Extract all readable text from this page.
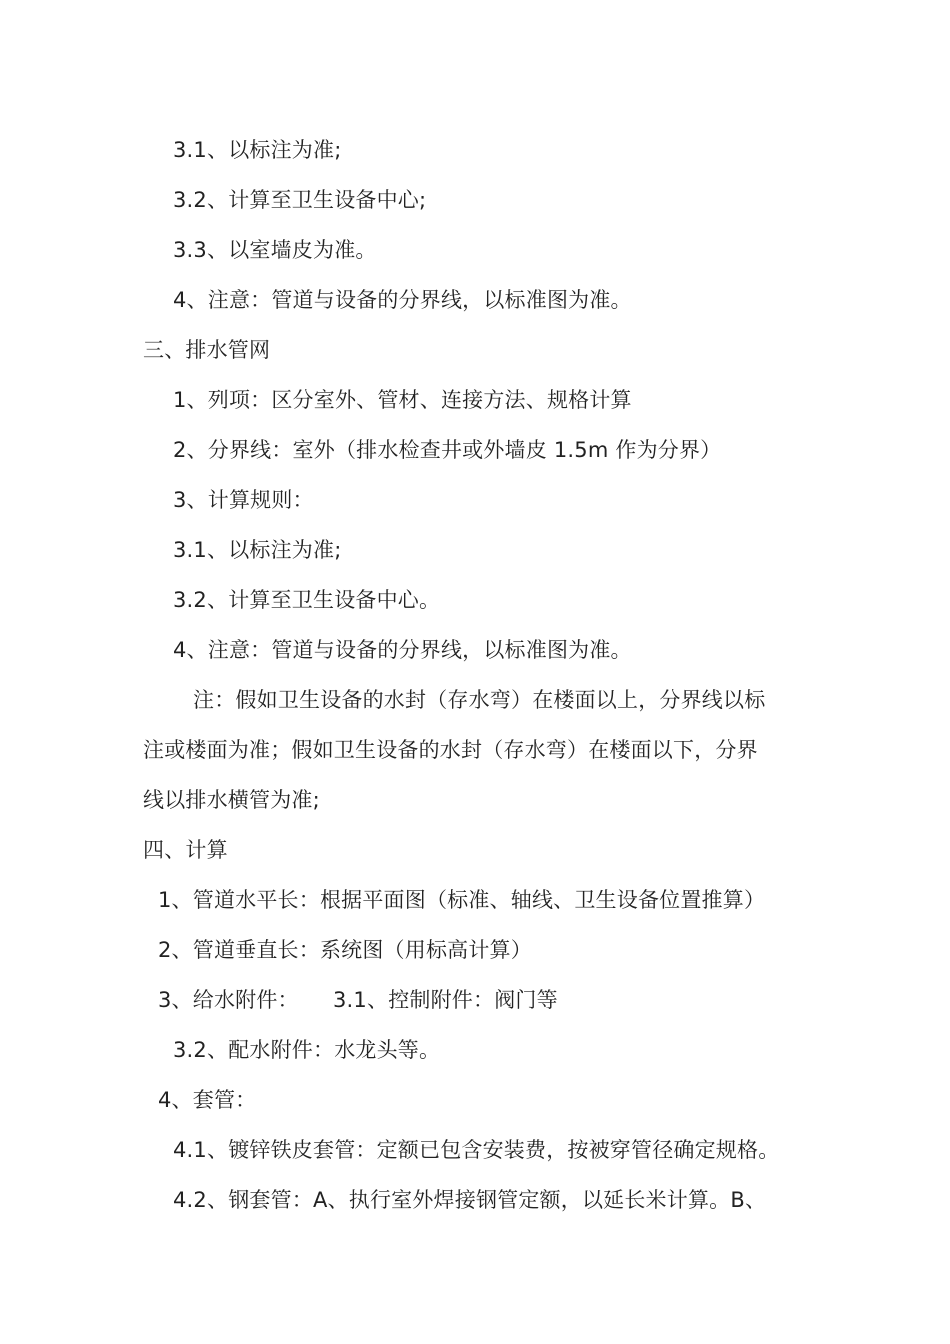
3.1、以标注为准;
3.2、计算至卫生设备中心;
3.3、以室墙皮为准。
4、注意：管道与设备的分界线，以标准图为准。
三、排水管网
1、列项：区分室外、管材、连接方法、规格计算
2、分界线：室外（排水检查井或外墙皮 1.5m 作为分界）
3、计算规则：
3.1、以标注为准;
3.2、计算至卫生设备中心。
4、注意：管道与设备的分界线，以标准图为准。
注：假如卫生设备的水封（存水弯）在楼面以上，分界线以标
注或楼面为准；假如卫生设备的水封（存水弯）在楼面以下，分界
线以排水横管为准;
四、计算
1、管道水平长：根据平面图（标准、轴线、卫生设备位置推算）
2、管道垂直长：系统图（用标高计算）
3、给水附件： 3.1、控制附件：阀门等
3.2、配水附件：水龙头等。
4、套管：
4.1、镀锌铁皮套管：定额已包含安装费，按被穿管径确定规格。
4.2、钢套管：A、执行室外焊接钢管定额，以延长米计算。B、
